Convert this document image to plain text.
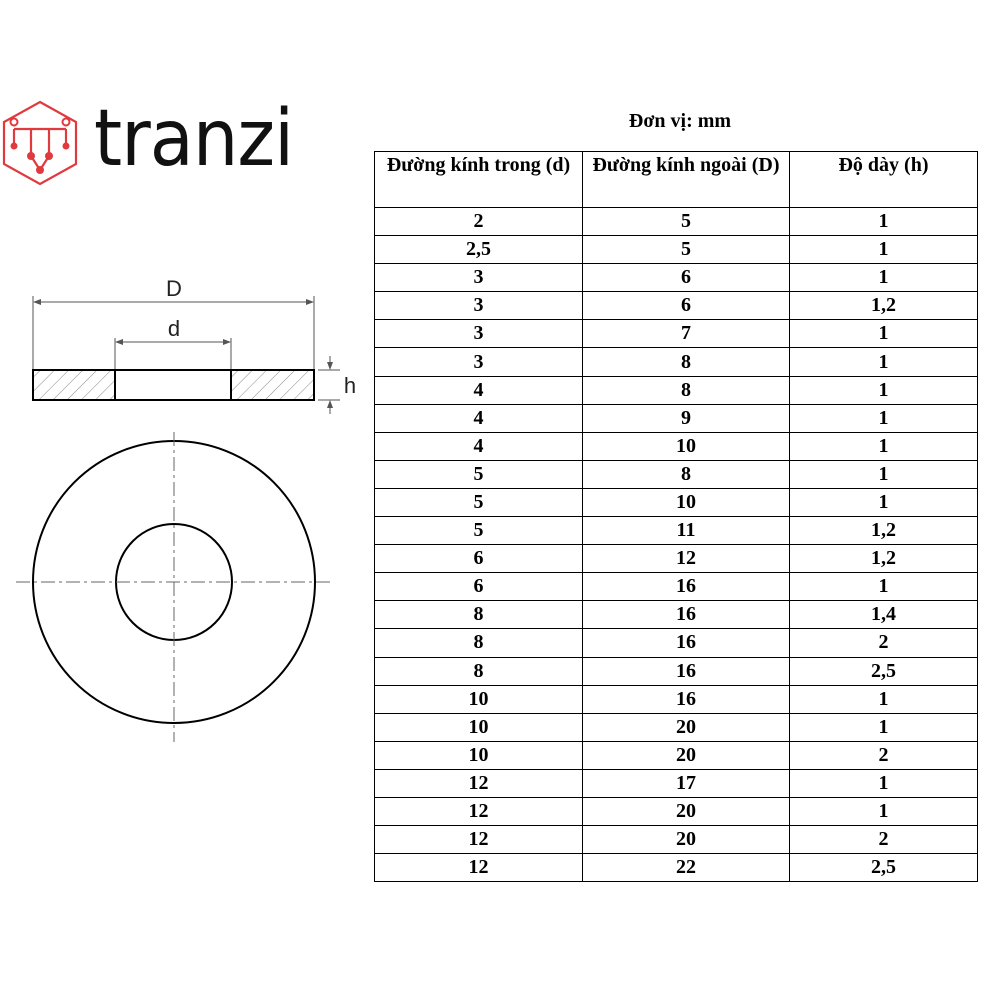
tranzi
D
d
h
Đơn vị: mm
Đường kính trong (d)	Đường kính ngoài (D)	Độ dày (h)
2	5	1
2,5	5	1
3	6	1
3	6	1,2
3	7	1
3	8	1
4	8	1
4	9	1
4	10	1
5	8	1
5	10	1
5	11	1,2
6	12	1,2
6	16	1
8	16	1,4
8	16	2
8	16	2,5
10	16	1
10	20	1
10	20	2
12	17	1
12	20	1
12	20	2
12	22	2,5
